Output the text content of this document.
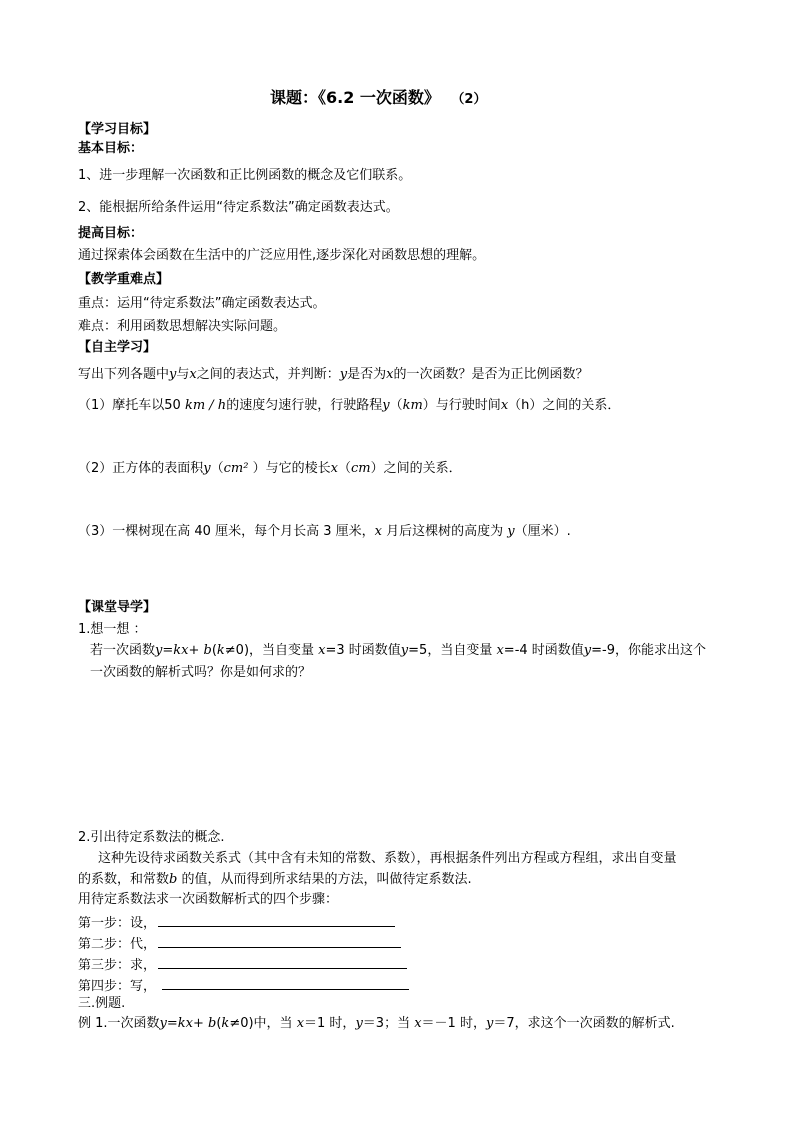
课题：《6.2 一次函数》 （2）
【学习目标】
基本目标：
1、进一步理解一次函数和正比例函数的概念及它们联系。
2、能根据所给条件运用“待定系数法”确定函数表达式。
提高目标：
通过探索体会函数在生活中的广泛应用性,逐步深化对函数思想的理解。
【教学重难点】
重点：运用“待定系数法”确定函数表达式。
难点：利用函数思想解决实际问题。
【自主学习】
写出下列各题中y与x之间的表达式，并判断：y是否为x的一次函数？是否为正比例函数？
（1）摩托车以50 km / h的速度匀速行驶，行驶路程y（km）与行驶时间x（h）之间的关系．
（2）正方体的表面积y（cm² ）与它的棱长x（cm）之间的关系．
（3）一棵树现在高 40 厘米，每个月长高 3 厘米，x 月后这棵树的高度为 y（厘米）.
【课堂导学】
1.想一想 ：
若一次函数y=kx+ b(k≠0)，当自变量 x=3 时函数值y=5，当自变量 x=-4 时函数值y=-9，你能求出这个
一次函数的解析式吗？你是如何求的？
2.引出待定系数法的概念.
这种先设待求函数关系式（其中含有未知的常数、系数），再根据条件列出方程或方程组，求出自变量
的系数，和常数b 的值，从而得到所求结果的方法，叫做待定系数法.
用待定系数法求一次函数解析式的四个步骤：
第一步：设，
第二步：代，
第三步：求，
第四步：写，
三.例题.
例 1.一次函数y=kx+ b(k≠0)中，当 x＝1 时，y＝3；当 x＝－1 时，y＝7，求这个一次函数的解析式.
